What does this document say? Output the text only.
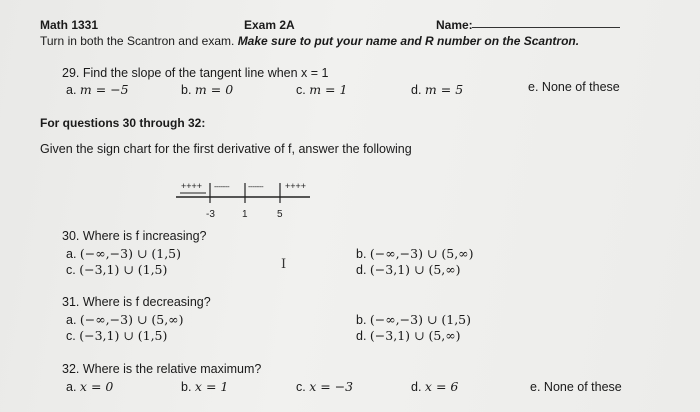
Math 1331	Exam 2A	Name:
Turn in both the Scantron and exam. Make sure to put your name and R number on the Scantron.
29. Find the slope of the tangent line when x = 1
a. m = −5	b. m = 0	c. m = 1	d. m = 5	e. None of these
For questions 30 through 32:
Given the sign chart for the first derivative of f, answer the following
++++ ------- ------- ++++
-3	1	5
30. Where is f increasing?
a. (−∞,−3) ∪ (1,5)	b. (−∞,−3) ∪ (5,∞)
c. (−3,1) ∪ (1,5)	d. (−3,1) ∪ (5,∞)
I
31. Where is f decreasing?
a. (−∞,−3) ∪ (5,∞)	b. (−∞,−3) ∪ (1,5)
c. (−3,1) ∪ (1,5)	d. (−3,1) ∪ (5,∞)
32. Where is the relative maximum?
a. x = 0	b. x = 1	c. x = −3	d. x = 6	e. None of these
